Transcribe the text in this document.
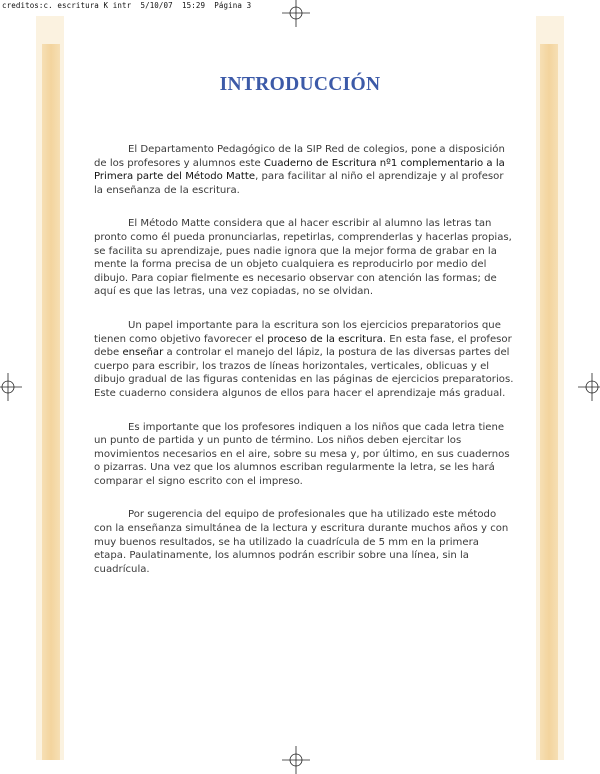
creditos:c. escritura K intr  5/10/07  15:29  Página 3
INTRODUCCIÓN

El Departamento Pedagógico de la SIP Red de colegios, pone a disposición de los profesores y alumnos este Cuaderno de Escritura nº1 complementario a la Primera parte del Método Matte, para facilitar al niño el aprendizaje y al profesor la enseñanza de la escritura.

El Método Matte considera que al hacer escribir al alumno las letras tan pronto como él pueda pronunciarlas, repetirlas, comprenderlas y hacerlas propias, se facilita su aprendizaje, pues nadie ignora que la mejor forma de grabar en la mente la forma precisa de un objeto cualquiera es reproducirlo por medio del dibujo. Para copiar fielmente es necesario observar con atención las formas; de aquí es que las letras, una vez copiadas, no se olvidan.

Un papel importante para la escritura son los ejercicios preparatorios que tienen como objetivo favorecer el proceso de la escritura. En esta fase, el profesor debe enseñar a controlar el manejo del lápiz, la postura de las diversas partes del cuerpo para escribir, los trazos de líneas horizontales, verticales, oblicuas y el dibujo gradual de las figuras contenidas en las páginas de ejercicios preparatorios. Este cuaderno considera algunos de ellos para hacer el aprendizaje más gradual.

Es importante que los profesores indiquen a los niños que cada letra tiene un punto de partida y un punto de término. Los niños deben ejercitar los movimientos necesarios en el aire, sobre su mesa y, por último, en sus cuadernos o pizarras. Una vez que los alumnos escriban regularmente la letra, se les hará comparar el signo escrito con el impreso.

Por sugerencia del equipo de profesionales que ha utilizado este método con la enseñanza simultánea de la lectura y escritura durante muchos años y con muy buenos resultados, se ha utilizado la cuadrícula de 5 mm en la primera etapa. Paulatinamente, los alumnos podrán escribir sobre una línea, sin la cuadrícula.
